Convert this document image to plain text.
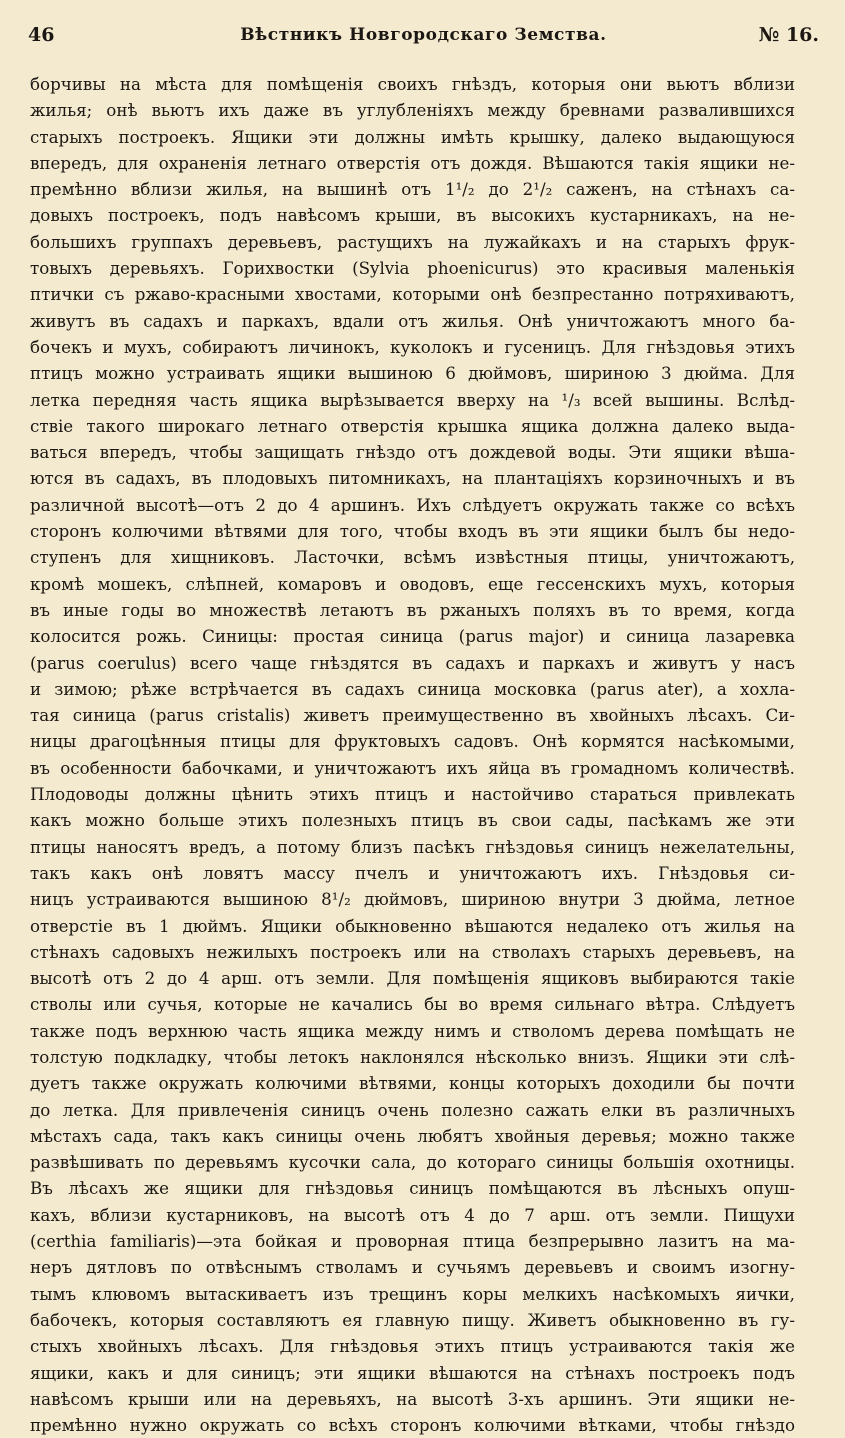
46	Вѣстникъ Новгородскаго Земства.	№ 16.
борчивы на мѣста для помѣщенія своихъ гнѣздъ, которыя они вьютъ вблизи
жилья; онѣ вьютъ ихъ даже въ углубленіяхъ между бревнами развалившихся
старыхъ построекъ. Ящики эти должны имѣть крышку, далеко выдающуюся
впередъ, для охраненія летнаго отверстія отъ дождя. Вѣшаются такія ящики не-
премѣнно вблизи жилья, на вышинѣ отъ 1¹/₂ до 2¹/₂ саженъ, на стѣнахъ са-
довыхъ построекъ, подъ навѣсомъ крыши, въ высокихъ кустарникахъ, на не-
большихъ группахъ деревьевъ, растущихъ на лужайкахъ и на старыхъ фрук-
товыхъ деревьяхъ. Горихвостки (Sylvia phoenicurus) это красивыя маленькія
птички съ ржаво-красными хвостами, которыми онѣ безпрестанно потряхиваютъ,
живутъ въ садахъ и паркахъ, вдали отъ жилья. Онѣ уничтожаютъ много ба-
бочекъ и мухъ, собираютъ личинокъ, куколокъ и гусеницъ. Для гнѣздовья этихъ
птицъ можно устраивать ящики вышиною 6 дюймовъ, шириною 3 дюйма. Для
летка передняя часть ящика вырѣзывается вверху на ¹/₃ всей вышины. Вслѣд-
ствіе такого широкаго летнаго отверстія крышка ящика должна далеко выда-
ваться впередъ, чтобы защищать гнѣздо отъ дождевой воды. Эти ящики вѣша-
ются въ садахъ, въ плодовыхъ питомникахъ, на плантаціяхъ корзиночныхъ и въ
различной высотѣ—отъ 2 до 4 аршинъ. Ихъ слѣдуетъ окружать также со всѣхъ
сторонъ колючими вѣтвями для того, чтобы входъ въ эти ящики былъ бы недо-
ступенъ для хищниковъ. Ласточки, всѣмъ извѣстныя птицы, уничтожаютъ,
кромѣ мошекъ, слѣпней, комаровъ и оводовъ, еще гессенскихъ мухъ, которыя
въ иные годы во множествѣ летаютъ въ ржаныхъ поляхъ въ то время, когда
колосится рожь. Синицы: простая синица (parus major) и синица лазаревка
(parus coerulus) всего чаще гнѣздятся въ садахъ и паркахъ и живутъ у насъ
и зимою; рѣже встрѣчается въ садахъ синица московка (parus ater), а хохла-
тая синица (parus cristalis) живетъ преимущественно въ хвойныхъ лѣсахъ. Си-
ницы драгоцѣнныя птицы для фруктовыхъ садовъ. Онѣ кормятся насѣкомыми,
въ особенности бабочками, и уничтожаютъ ихъ яйца въ громадномъ количествѣ.
Плодоводы должны цѣнить этихъ птицъ и настойчиво стараться привлекать
какъ можно больше этихъ полезныхъ птицъ въ свои сады, пасѣкамъ же эти
птицы наносятъ вредъ, а потому близъ пасѣкъ гнѣздовья синицъ нежелательны,
такъ какъ онѣ ловятъ массу пчелъ и уничтожаютъ ихъ. Гнѣздовья си-
ницъ устраиваются вышиною 8¹/₂ дюймовъ, шириною внутри 3 дюйма, летное
отверстіе въ 1 дюймъ. Ящики обыкновенно вѣшаются недалеко отъ жилья на
стѣнахъ садовыхъ нежилыхъ построекъ или на стволахъ старыхъ деревьевъ, на
высотѣ отъ 2 до 4 арш. отъ земли. Для помѣщенія ящиковъ выбираются такіе
стволы или сучья, которые не качались бы во время сильнаго вѣтра. Слѣдуетъ
также подъ верхнюю часть ящика между нимъ и стволомъ дерева помѣщать не
толстую подкладку, чтобы летокъ наклонялся нѣсколько внизъ. Ящики эти слѣ-
дуетъ также окружать колючими вѣтвями, концы которыхъ доходили бы почти
до летка. Для привлеченія синицъ очень полезно сажать елки въ различныхъ
мѣстахъ сада, такъ какъ синицы очень любятъ хвойныя деревья; можно также
развѣшивать по деревьямъ кусочки сала, до котораго синицы большія охотницы.
Въ лѣсахъ же ящики для гнѣздовья синицъ помѣщаются въ лѣсныхъ опуш-
кахъ, вблизи кустарниковъ, на высотѣ отъ 4 до 7 арш. отъ земли. Пищухи
(certhia familiaris)—эта бойкая и проворная птица безпрерывно лазитъ на ма-
неръ дятловъ по отвѣснымъ стволамъ и сучьямъ деревьевъ и своимъ изогну-
тымъ клювомъ вытаскиваетъ изъ трещинъ коры мелкихъ насѣкомыхъ яички,
бабочекъ, которыя составляютъ ея главную пищу. Живетъ обыкновенно въ гу-
стыхъ хвойныхъ лѣсахъ. Для гнѣздовья этихъ птицъ устраиваются такія же
ящики, какъ и для синицъ; эти ящики вѣшаются на стѣнахъ построекъ подъ
навѣсомъ крыши или на деревьяхъ, на высотѣ 3-хъ аршинъ. Эти ящики не-
премѣнно нужно окружать со всѣхъ сторонъ колючими вѣтками, чтобы гнѣздо
